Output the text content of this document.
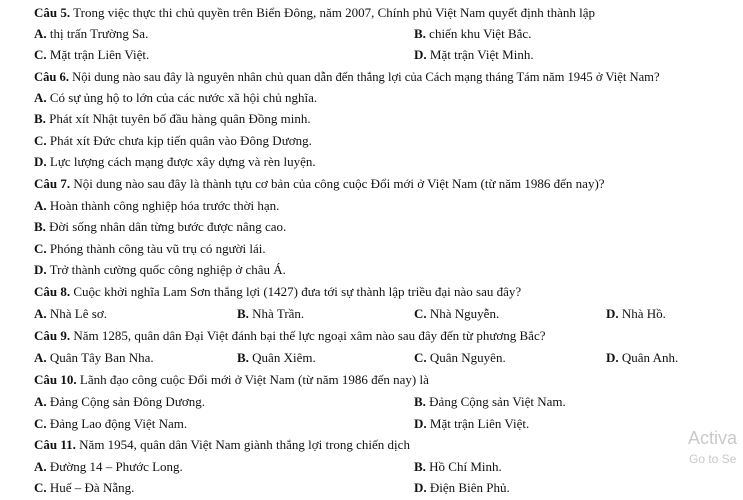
Câu 5. Trong việc thực thi chủ quyền trên Biển Đông, năm 2007, Chính phủ Việt Nam quyết định thành lập
A. thị trấn Trường Sa.	B. chiến khu Việt Bắc.
C. Mặt trận Liên Việt.	D. Mặt trận Việt Minh.
Câu 6. Nội dung nào sau đây là nguyên nhân chủ quan dẫn đến thắng lợi của Cách mạng tháng Tám năm 1945 ở Việt Nam?
A. Có sự ủng hộ to lớn của các nước xã hội chủ nghĩa.
B. Phát xít Nhật tuyên bố đầu hàng quân Đồng minh.
C. Phát xít Đức chưa kịp tiến quân vào Đông Dương.
D. Lực lượng cách mạng được xây dựng và rèn luyện.
Câu 7. Nội dung nào sau đây là thành tựu cơ bản của công cuộc Đổi mới ở Việt Nam (từ năm 1986 đến nay)?
A. Hoàn thành công nghiệp hóa trước thời hạn.
B. Đời sống nhân dân từng bước được nâng cao.
C. Phóng thành công tàu vũ trụ có người lái.
D. Trở thành cường quốc công nghiệp ở châu Á.
Câu 8. Cuộc khởi nghĩa Lam Sơn thắng lợi (1427) đưa tới sự thành lập triều đại nào sau đây?
A. Nhà Lê sơ.	B. Nhà Trần.	C. Nhà Nguyễn.	D. Nhà Hồ.
Câu 9. Năm 1285, quân dân Đại Việt đánh bại thế lực ngoại xâm nào sau đây đến từ phương Bắc?
A. Quân Tây Ban Nha.	B. Quân Xiêm.	C. Quân Nguyên.	D. Quân Anh.
Câu 10. Lãnh đạo công cuộc Đổi mới ở Việt Nam (từ năm 1986 đến nay) là
A. Đảng Cộng sản Đông Dương.	B. Đảng Cộng sản Việt Nam.
C. Đảng Lao động Việt Nam.	D. Mặt trận Liên Việt.
Câu 11. Năm 1954, quân dân Việt Nam giành thắng lợi trong chiến dịch
A. Đường 14 – Phước Long.	B. Hồ Chí Minh.
C. Huế – Đà Nẵng.	D. Điện Biên Phủ.
Activa
Go to Se
